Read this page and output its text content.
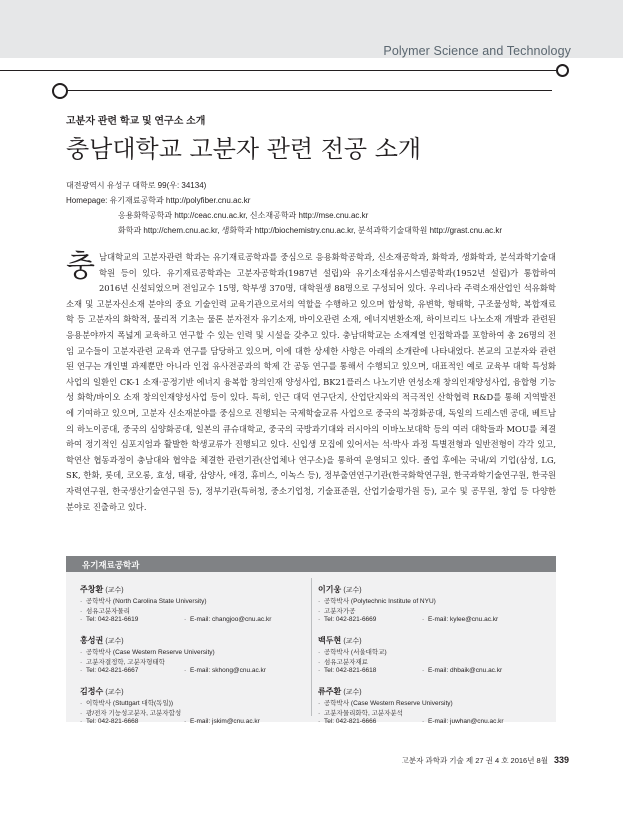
Polymer Science and Technology
고분자 관련 학교 및 연구소 소개
충남대학교 고분자 관련 전공 소개
대전광역시 유성구 대학로 99(우: 34134)
Homepage: 유기재료공학과 http://polyfiber.cnu.ac.kr
응용화학공학과 http://ceac.cnu.ac.kr, 신소재공학과 http://mse.cnu.ac.kr
화학과 http://chem.cnu.ac.kr, 생화학과 http://biochemistry.cnu.ac.kr, 분석과학기술대학원 http://grast.cnu.ac.kr
충남대학교의 고분자관련 학과는 유기재료공학과를 중심으로 응용화학공학과, 신소재공학과, 화학과, 생화학과, 분석과학기술대학원 등이 있다. 유기재료공학과는 고분자공학과(1987년 설립)와 유기소재섬유시스템공학과(1952년 설립)가 통합하여 2016년 신설되었으며 전임교수 15명, 학부생 370명, 대학원생 88명으로 구성되어 있다. 우리나라 주력소재산업인 석유화학소재 및 고분자신소재 분야의 중요 기술인력 교육기관으로서의 역할을 수행하고 있으며 합성학, 유변학, 형태학, 구조물성학, 복합재료학 등 고분자의 화학적, 물리적 기초는 물론 분자전자 유기소재, 바이오관련 소재, 에너지변환소재, 하이브리드 나노소재 개발과 관련된 응용분야까지 폭넓게 교육하고 연구할 수 있는 인력 및 시설을 갖추고 있다. 충남대학교는 소재계열 인접학과를 포함하여 총 26명의 전임 교수들이 고분자관련 교육과 연구를 담당하고 있으며, 이에 대한 상세한 사항은 아래의 소개란에 나타내었다. 본교의 고분자와 관련된 연구는 개인별 과제뿐만 아니라 인접 유사전공과의 학제 간 공동 연구를 통해서 수행되고 있으며, 대표적인 예로 교육부 대학 특성화 사업의 일환인 CK-1 소재·공정기반 에너지 융복합 창의인재 양성사업, BK21플러스 나노기반 연성소재 창의인재양성사업, 융합형 기능성 화학/바이오 소재 창의인재양성사업 등이 있다. 특히, 인근 대덕 연구단지, 산업단지와의 적극적인 산학협력 R&D를 통해 지역발전에 기여하고 있으며, 고분자 신소재분야를 중심으로 진행되는 국제학술교류 사업으로 중국의 북경화공대, 독일의 드레스덴 공대, 베트남의 하노이공대, 중국의 심양화공대, 일본의 큐슈대학교, 중국의 국방과기대와 러시아의 이바노보대학 등의 여러 대학들과 MOU를 체결하여 정기적인 심포지엄과 활발한 학생교류가 진행되고 있다. 신입생 모집에 있어서는 석·박사 과정 특별전형과 일반전형이 각각 있고, 학연산 협동과정이 충남대와 협약을 체결한 관련기관(산업체나 연구소)을 통하여 운영되고 있다. 졸업 후에는 국내/외 기업(삼성, LG, SK, 한화, 롯데, 코오롱, 효성, 태광, 삼양사, 애경, 휴비스, 이녹스 등), 정부출연연구기관(한국화학연구원, 한국과학기술연구원, 한국원자력연구원, 한국생산기술연구원 등), 정부기관(특허청, 중소기업청, 기술표준원, 산업기술평가원 등), 교수 및 공무원, 창업 등 다양한 분야로 진출하고 있다.
유기재료공학과
주창환 (교수)
· 공학박사 (North Carolina State University)
· 섬유고분자물리
· Tel: 042-821-6619	· E-mail: changjoo@cnu.ac.kr
홍성권 (교수)
· 공학박사 (Case Western Reserve University)
· 고분자결정학, 고분자형태학
· Tel: 042-821-6667	· E-mail: skhong@cnu.ac.kr
김정수 (교수)
· 이학박사 (Stuttgart 대학(독일))
· 광/전자 기능성고분자, 고분자합성
· Tel: 042-821-6668	· E-mail: jskim@cnu.ac.kr
이기웅 (교수)
· 공학박사 (Polytechnic Institute of NYU)
· 고분자가공
· Tel: 042-821-6669	· E-mail: kylee@cnu.ac.kr
백두현 (교수)
· 공학박사 (서울대학교)
· 섬유고분자재료
· Tel: 042-821-6618	· E-mail: dhbaik@cnu.ac.kr
류주환 (교수)
· 공학박사 (Case Western Reserve University)
· 고분자물리화학, 고분자분석
· Tel: 042-821-6666	· E-mail: juwhan@cnu.ac.kr
고분자 과학과 기술 제 27 권 4 호 2016년 8월 339
